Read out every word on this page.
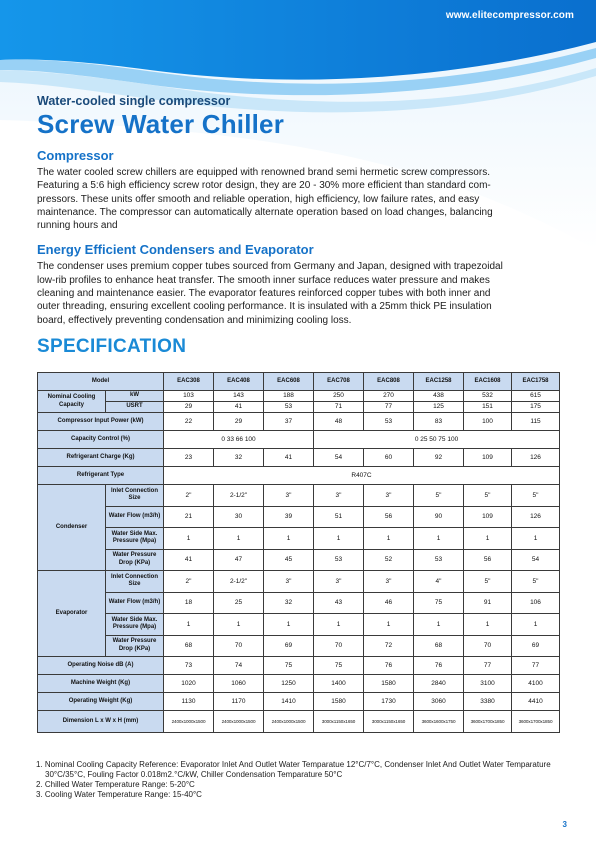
www.elitecompressor.com
Water-cooled single compressor
Screw Water Chiller
Compressor
The water cooled screw chillers are equipped with renowned brand semi hermetic screw compressors.
Featuring a 5:6 high efficiency screw rotor design, they are 20 - 30% more efficient than standard com-
pressors. These units offer smooth and reliable operation, high efficiency, low failure rates, and easy
maintenance. The compressor can automatically alternate operation based on load changes, balancing
running hours and
Energy Efficient Condensers and Evaporator
The condenser uses premium copper tubes sourced from Germany and Japan, designed with trapezoidal
low-rib profiles to enhance heat transfer. The smooth inner surface reduces water pressure and makes
cleaning and maintenance easier. The evaporator features reinforced copper tubes with both inner and
outer threading, ensuring excellent cooling performance. It is insulated with a 25mm thick PE insulation
board, effectively preventing condensation and minimizing cooling loss.
SPECIFICATION
Model		EAC308	EAC408	EAC608	EAC708	EAC808	EAC1258	EAC1608	EAC1758
Nominal Cooling Capacity	kW	103	143	188	250	270	438	532	615
	USRT	29	41	53	71	77	125	151	175
Compressor Input Power (kW)		22	29	37	48	53	83	100	115
Capacity Control (%)		0 33 66 100			0 25 50 75 100				
Refrigerant Charge (Kg)		23	32	41	54	60	92	109	126
Refrigerant Type		R407C							
Condenser	Inlet Connection Size	2"	2-1/2"	3"	3"	3"	5"	5"	5"
	Water Flow (m3/h)	21	30	39	51	56	90	109	126
	Water Side Max. Pressure (Mpa)	1	1	1	1	1	1	1	1
	Water Pressure Drop (KPa)	41	47	45	53	52	53	56	54
Evaporator	Inlet Connection Size	2"	2-1/2"	3"	3"	3"	4"	5"	5"
	Water Flow (m3/h)	18	25	32	43	46	75	91	106
	Water Side Max. Pressure (Mpa)	1	1	1	1	1	1	1	1
	Water Pressure Drop (KPa)	68	70	69	70	72	68	70	69
Operating Noise dB (A)		73	74	75	75	76	76	77	77
Machine Weight (Kg)		1020	1060	1250	1400	1580	2840	3100	4100
Operating Weight (Kg)		1130	1170	1410	1580	1730	3060	3380	4410
Dimension L x W x H (mm)		2400x1000x1500	2400x1000x1500	2400x1000x1500	3000x1150x1650	3000x1150x1650	3600x1600x1750	3600x1700x1850	3600x1700x1850
1. Nominal Cooling Capacity Reference: Evaporator Inlet And Outlet Water Temparatue 12°C/7°C, Condenser Inlet And Outlet Water Temparature 30°C/35°C, Fouling Factor 0.018m2.°C/kW, Chiller Condensation Temparature 50°C
2. Chilled Water Temperature Range: 5-20°C
3. Cooling Water Temperature Range: 15-40°C
3
